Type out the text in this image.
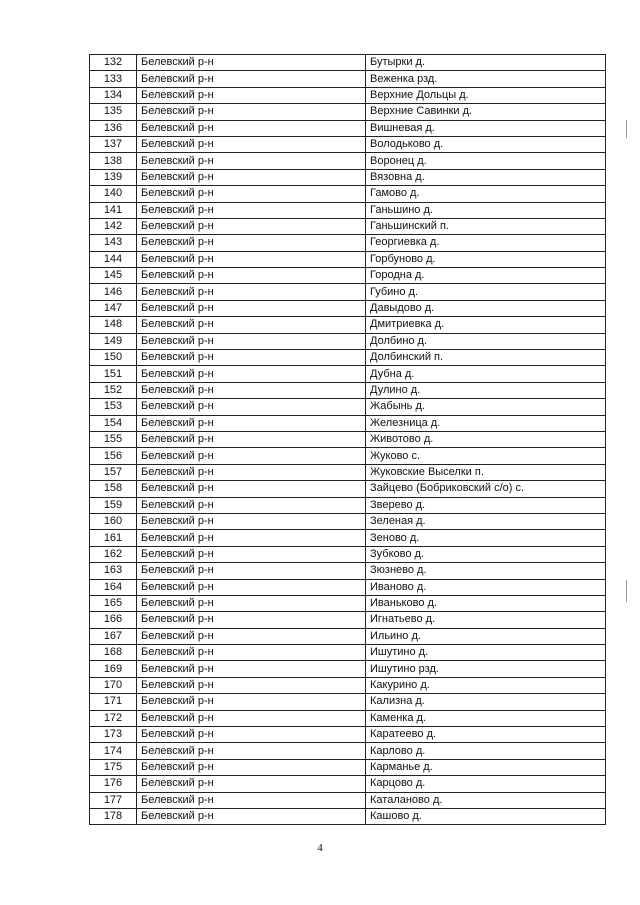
132	Белевский р-н	Бутырки д.
133	Белевский р-н	Веженка рзд.
134	Белевский р-н	Верхние Дольцы д.
135	Белевский р-н	Верхние Савинки д.
136	Белевский р-н	Вишневая д.
137	Белевский р-н	Володьково д.
138	Белевский р-н	Воронец д.
139	Белевский р-н	Вязовна д.
140	Белевский р-н	Гамово д.
141	Белевский р-н	Ганьшино д.
142	Белевский р-н	Ганьшинский п.
143	Белевский р-н	Георгиевка д.
144	Белевский р-н	Горбуново д.
145	Белевский р-н	Городна д.
146	Белевский р-н	Губино д.
147	Белевский р-н	Давыдово д.
148	Белевский р-н	Дмитриевка д.
149	Белевский р-н	Долбино д.
150	Белевский р-н	Долбинский п.
151	Белевский р-н	Дубна д.
152	Белевский р-н	Дулино д.
153	Белевский р-н	Жабынь д.
154	Белевский р-н	Железница д.
155	Белевский р-н	Животово д.
156	Белевский р-н	Жуково с.
157	Белевский р-н	Жуковские Выселки п.
158	Белевский р-н	Зайцево (Бобриковский с/о) с.
159	Белевский р-н	Зверево д.
160	Белевский р-н	Зеленая д.
161	Белевский р-н	Зеново д.
162	Белевский р-н	Зубково д.
163	Белевский р-н	Зюзнево д.
164	Белевский р-н	Иваново д.
165	Белевский р-н	Иваньково д.
166	Белевский р-н	Игнатьево д.
167	Белевский р-н	Ильино д.
168	Белевский р-н	Ишутино д.
169	Белевский р-н	Ишутино рзд.
170	Белевский р-н	Какурино д.
171	Белевский р-н	Кализна д.
172	Белевский р-н	Каменка д.
173	Белевский р-н	Каратеево д.
174	Белевский р-н	Карлово д.
175	Белевский р-н	Карманье д.
176	Белевский р-н	Карцово д.
177	Белевский р-н	Каталаново д.
178	Белевский р-н	Кашово д.
4
